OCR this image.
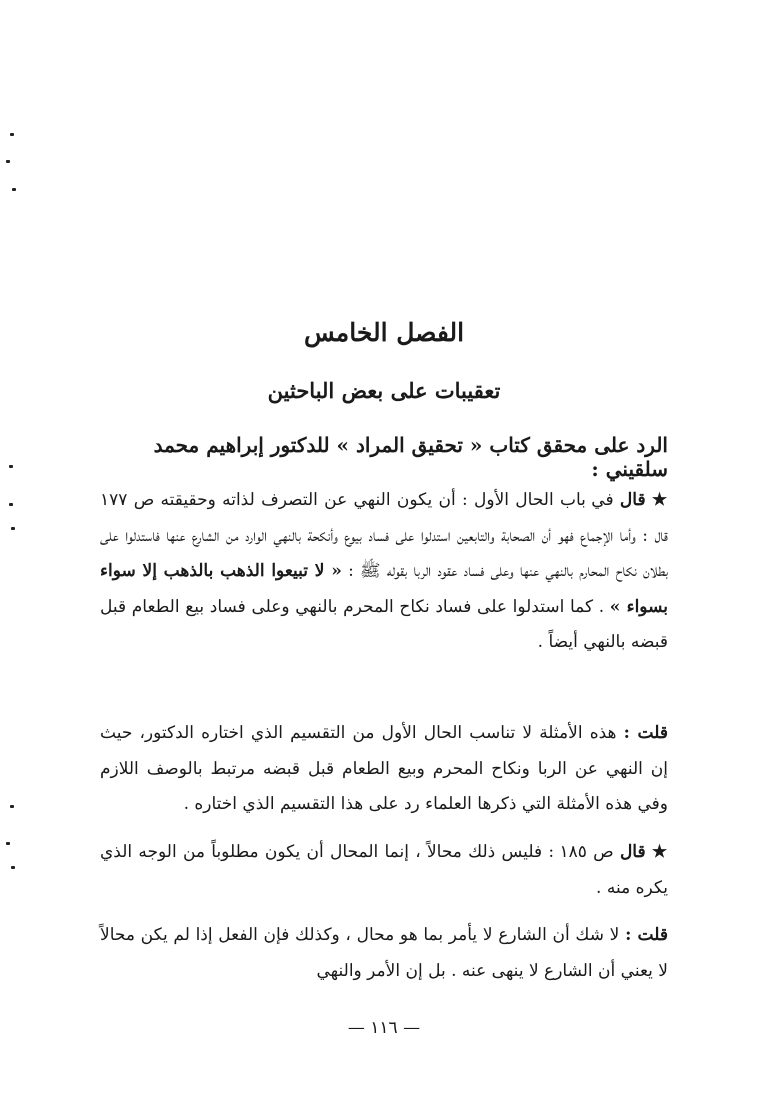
الفصل الخامس
تعقيبات على بعض الباحثين
الرد على محقق كتاب « تحقيق المراد » للدكتور إبراهيم محمد سلقيني :

★ قال في باب الحال الأول : أن يكون النهي عن التصرف لذاته وحقيقته ص ١٧٧ قال : وأما الإجماع فهو أن الصحابة والتابعين استدلوا على فساد بيوع وأنكحة بالنهي الوارد من الشارع عنها فاستدلوا على بطلان نكاح المحارم بالنهي عنها وعلى فساد عقود الربا بقوله ﷺ : « لا تبيعوا الذهب بالذهب إلا سواء بسواء » . كما استدلوا على فساد نكاح المحرم بالنهي وعلى فساد بيع الطعام قبل قبضه بالنهي أيضاً .

قلت : هذه الأمثلة لا تناسب الحال الأول من التقسيم الذي اختاره الدكتور، حيث إن النهي عن الربا ونكاح المحرم وبيع الطعام قبل قبضه مرتبط بالوصف اللازم وفي هذه الأمثلة التي ذكرها العلماء رد على هذا التقسيم الذي اختاره .

★ قال ص ١٨٥ : فليس ذلك محالاً ، إنما المحال أن يكون مطلوباً من الوجه الذي يكره منه .

قلت : لا شك أن الشارع لا يأمر بما هو محال ، وكذلك فإن الفعل إذا لم يكن محالاً لا يعني أن الشارع لا ينهى عنه . بل إن الأمر والنهي

— ١١٦ —
